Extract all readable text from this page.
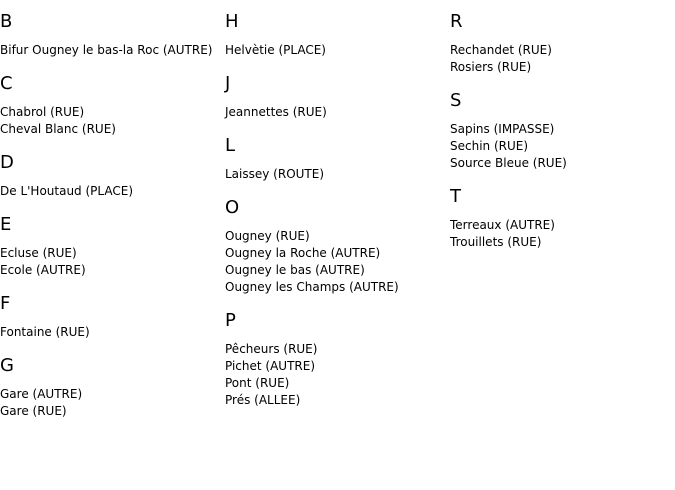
B
Bifur Ougney le bas-la Roc (AUTRE)
C
Chabrol (RUE)
Cheval Blanc (RUE)
D
De L'Houtaud (PLACE)
E
Ecluse (RUE)
Ecole (AUTRE)
F
Fontaine (RUE)
G
Gare (AUTRE)
Gare (RUE)
H
Helvètie (PLACE)
J
Jeannettes (RUE)
L
Laissey (ROUTE)
O
Ougney (RUE)
Ougney la Roche (AUTRE)
Ougney le bas (AUTRE)
Ougney les Champs (AUTRE)
P
Pêcheurs (RUE)
Pichet (AUTRE)
Pont (RUE)
Prés (ALLEE)
R
Rechandet (RUE)
Rosiers (RUE)
S
Sapins (IMPASSE)
Sechin (RUE)
Source Bleue (RUE)
T
Terreaux (AUTRE)
Trouillets (RUE)
